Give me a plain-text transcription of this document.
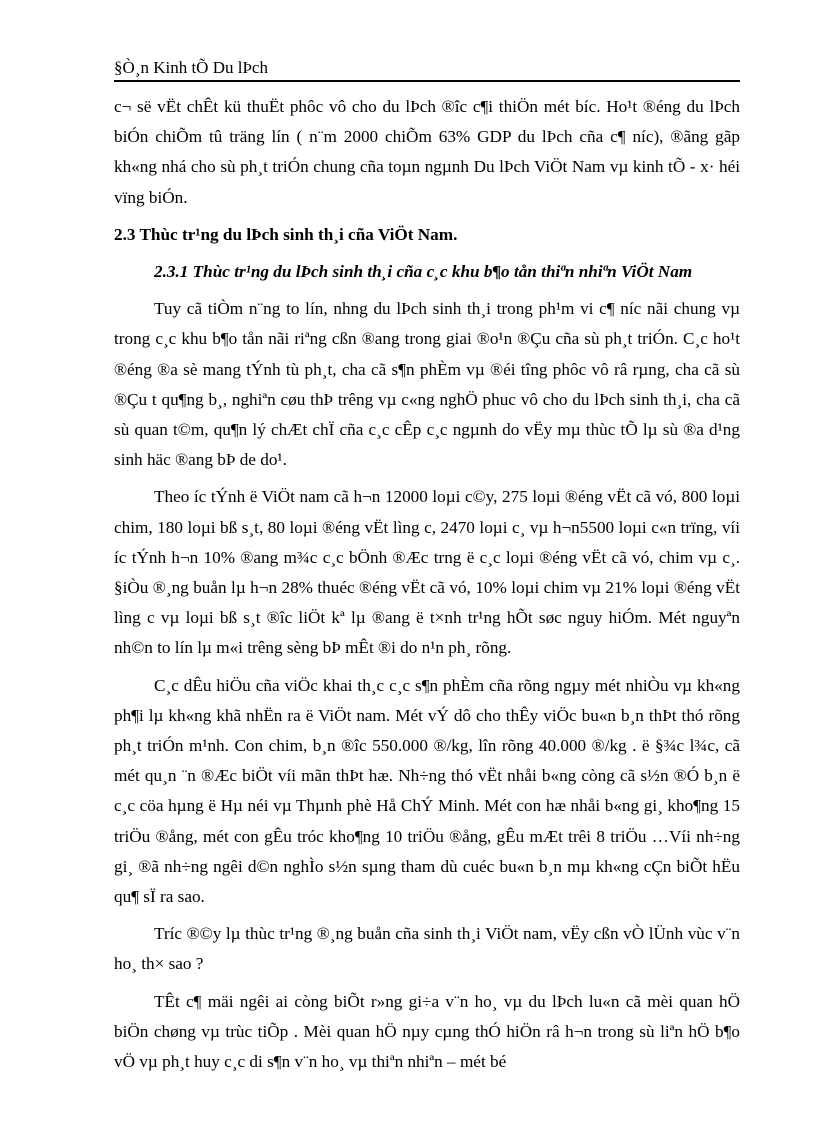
§Ò¸n Kinh tÕ Du lÞch

c¬ së vËt chÊt kü thuËt phôc vô cho du lÞch ®îc c¶i thiÖn mét bíc. Ho¹t ®éng du lÞch biÓn chiÕm tû träng lín ( n¨m 2000 chiÕm 63% GDP du lÞch cña c¶ níc), ®ãng gãp kh«ng nhá cho sù ph¸t triÓn chung cña toµn ngµnh Du lÞch ViÖt Nam vµ kinh tÕ - x· héi vïng biÓn.

2.3 Thùc tr¹ng du lÞch sinh th¸i cña ViÖt Nam.

2.3.1 Thùc tr¹ng du lÞch sinh th¸i cña c¸c khu b¶o tån thiªn nhiªn ViÖt Nam

Tuy cã tiÒm n¨ng to lín, nhng du lÞch sinh th¸i trong ph¹m vi c¶ níc nãi chung vµ trong c¸c khu b¶o tån nãi riªng cßn ®ang trong giai ®o¹n ®Çu cña sù ph¸t triÓn. C¸c ho¹t ®éng ®a sè mang tÝnh tù ph¸t, cha cã s¶n phÈm vµ ®éi tîng phôc vô râ rµng, cha cã sù ®Çu t qu¶ng b¸, nghiªn cøu thÞ trêng vµ c«ng nghÖ phuc vô cho du lÞch sinh th¸i, cha cã sù quan t©m, qu¶n lý chÆt chÏ cña c¸c cÊp c¸c ngµnh do vËy mµ thùc tÕ lµ sù ®a d¹ng sinh häc ®ang bÞ de do¹.

Theo íc tÝnh ë ViÖt nam cã h¬n 12000 loµi c©y, 275 loµi ®éng vËt cã vó, 800 loµi chim, 180 loµi bß s¸t, 80 loµi ®éng vËt lìng c, 2470 loµi c¸ vµ h¬n5500 loµi c«n trïng, víi íc tÝnh h¬n 10% ®ang m¾c c¸c bÖnh ®Æc trng ë c¸c loµi ®éng vËt cã vó, chim vµ c¸. §iÒu ®¸ng buån lµ h¬n 28% thuéc ®éng vËt cã vó, 10% loµi chim vµ 21% loµi ®éng vËt lìng c vµ loµi bß s¸t ®îc liÖt kª lµ ®ang ë t×nh tr¹ng hÕt søc nguy hiÓm. Mét nguyªn nh©n to lín lµ m«i trêng sèng bÞ mÊt ®i do n¹n ph¸ rõng.

C¸c dÊu hiÖu cña viÖc khai th¸c c¸c s¶n phÈm cña rõng ngµy mét nhiÒu vµ kh«ng ph¶i lµ kh«ng khã nhËn ra ë ViÖt nam. Mét vÝ dô cho thÊy viÖc bu«n b¸n thÞt thó rõng ph¸t triÓn m¹nh. Con chim, b¸n ®îc 550.000 ®/kg, lîn rõng 40.000 ®/kg . ë §¾c l¾c, cã mét qu¸n ¨n ®Æc biÖt víi mãn thÞt hæ. Nh÷ng thó vËt nhåi b«ng còng cã s½n ®Ó b¸n ë c¸c cöa hµng ë Hµ néi vµ Thµnh phè Hå ChÝ Minh. Mét con hæ nhåi b«ng gi¸ kho¶ng 15 triÖu ®ång, mét con gÊu tróc kho¶ng 10 triÖu ®ång, gÊu mÆt trêi 8 triÖu …Víi nh÷ng gi¸ ®ã nh÷ng ngêi d©n nghÌo s½n sµng tham dù cuéc bu«n b¸n mµ kh«ng cÇn biÕt hËu qu¶ sÏ ra sao.

Tríc ®©y lµ thùc tr¹ng ®¸ng buån cña sinh th¸i ViÖt nam, vËy cßn vÒ lÜnh vùc v¨n ho¸ th× sao ?

TÊt c¶ mäi ngêi ai còng biÕt r»ng gi÷a v¨n ho¸ vµ du lÞch lu«n cã mèi quan hÖ biÖn chøng vµ trùc tiÕp . Mèi quan hÖ nµy cµng thÓ hiÖn râ h¬n trong sù liªn hÖ b¶o vÖ vµ ph¸t huy c¸c di s¶n v¨n ho¸ vµ thiªn nhiªn – mét bé
